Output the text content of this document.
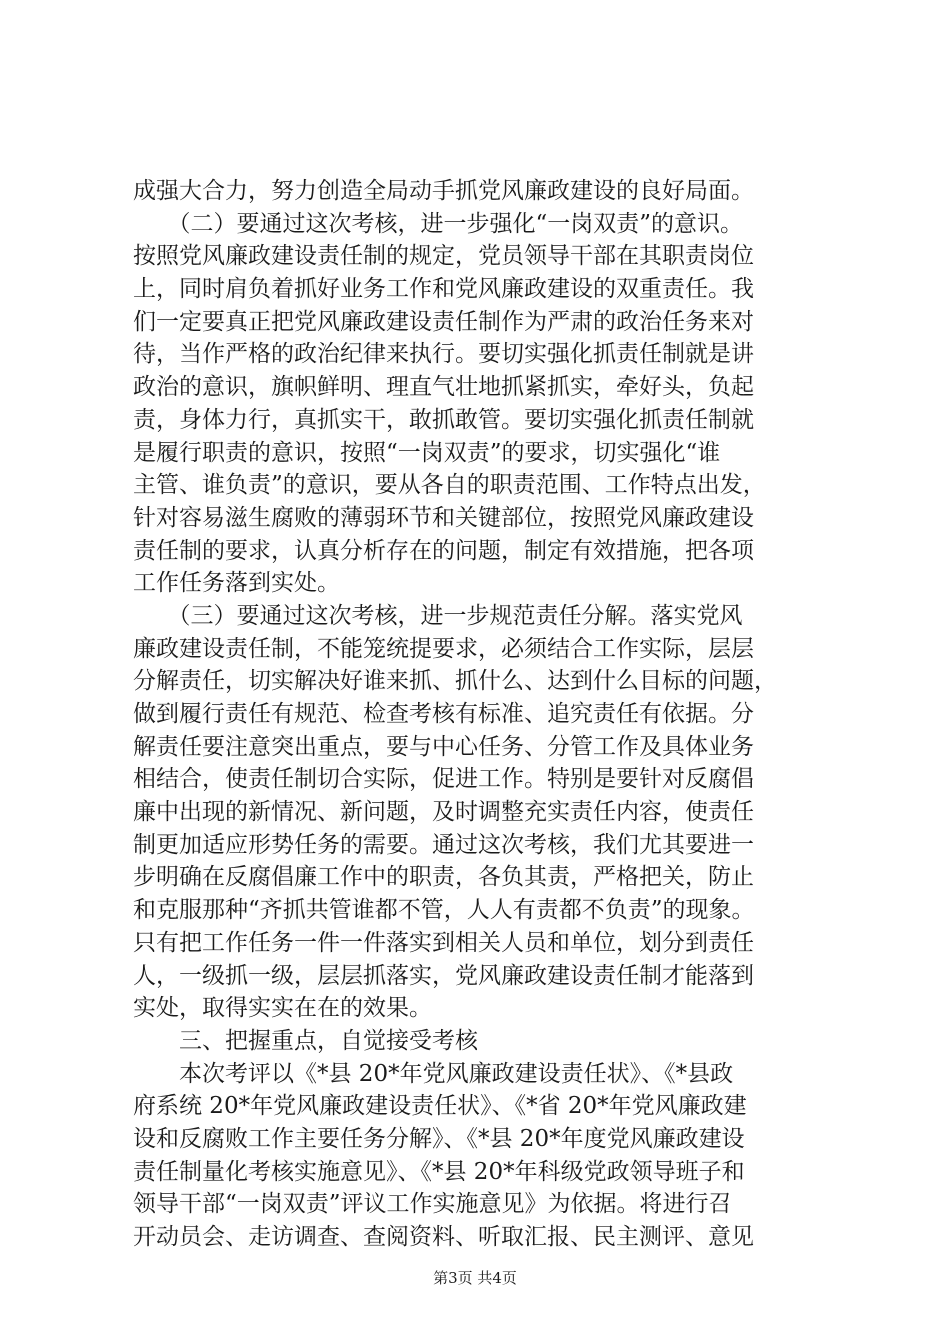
成强大合力，努力创造全局动手抓党风廉政建设的良好局面。
　　（二）要通过这次考核，进一步强化“一岗双责”的意识。
按照党风廉政建设责任制的规定，党员领导干部在其职责岗位
上，同时肩负着抓好业务工作和党风廉政建设的双重责任。我
们一定要真正把党风廉政建设责任制作为严肃的政治任务来对
待，当作严格的政治纪律来执行。要切实强化抓责任制就是讲
政治的意识，旗帜鲜明、理直气壮地抓紧抓实，牵好头，负起
责，身体力行，真抓实干，敢抓敢管。要切实强化抓责任制就
是履行职责的意识，按照“一岗双责”的要求，切实强化“谁
主管、谁负责”的意识，要从各自的职责范围、工作特点出发，
针对容易滋生腐败的薄弱环节和关键部位，按照党风廉政建设
责任制的要求，认真分析存在的问题，制定有效措施，把各项
工作任务落到实处。
　　（三）要通过这次考核，进一步规范责任分解。落实党风
廉政建设责任制，不能笼统提要求，必须结合工作实际，层层
分解责任，切实解决好谁来抓、抓什么、达到什么目标的问题，
做到履行责任有规范、检查考核有标准、追究责任有依据。分
解责任要注意突出重点，要与中心任务、分管工作及具体业务
相结合，使责任制切合实际，促进工作。特别是要针对反腐倡
廉中出现的新情况、新问题，及时调整充实责任内容，使责任
制更加适应形势任务的需要。通过这次考核，我们尤其要进一
步明确在反腐倡廉工作中的职责，各负其责，严格把关，防止
和克服那种“齐抓共管谁都不管，人人有责都不负责”的现象。
只有把工作任务一件一件落实到相关人员和单位，划分到责任
人，一级抓一级，层层抓落实，党风廉政建设责任制才能落到
实处，取得实实在在的效果。
　　三、把握重点，自觉接受考核
　　本次考评以《*县 20*年党风廉政建设责任状》、《*县政
府系统 20*年党风廉政建设责任状》、《*省 20*年党风廉政建
设和反腐败工作主要任务分解》、《*县 20*年度党风廉政建设
责任制量化考核实施意见》、《*县 20*年科级党政领导班子和
领导干部“一岗双责”评议工作实施意见》为依据。将进行召
开动员会、走访调查、查阅资料、听取汇报、民主测评、意见
第3页 共4页
